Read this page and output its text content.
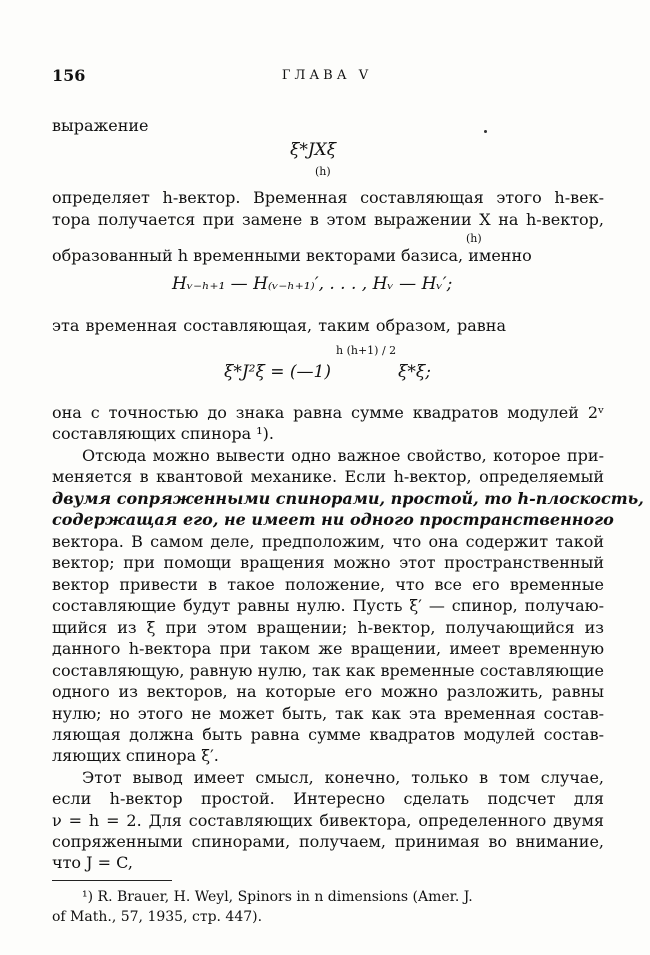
156	ГЛАВА V
выражение
ξ*JXξ
(h)
определяет h-вектор. Временная составляющая этого h-век-
тора получается при замене в этом выражении X на h-вектор,
(h)
образованный h временными векторами базиса, именно
Hᵥ₋ₕ₊₁ — H₍ᵥ₋ₕ₊₁₎′, . . . , Hᵥ — Hᵥ′;
эта временная составляющая, таким образом, равна
ξ*J²ξ = (—1)
h (h+1) / 2
ξ*ξ;
она с точностью до знака равна сумме квадратов модулей 2ᵛ
составляющих спинора ¹).
Отсюда можно вывести одно важное свойство, которое при-
меняется в квантовой механике. Если h-вектор, определяемый
двумя сопряженными спинорами, простой, то h-плоскость,
содержащая его, не имеет ни одного пространственного
вектора. В самом деле, предположим, что она содержит такой
вектор; при помощи вращения можно этот пространственный
вектор привести в такое положение, что все его временные
составляющие будут равны нулю. Пусть ξ′ — спинор, получаю-
щийся из ξ при этом вращении; h-вектор, получающийся из
данного h-вектора при таком же вращении, имеет временную
составляющую, равную нулю, так как временные составляющие
одного из векторов, на которые его можно разложить, равны
нулю; но этого не может быть, так как эта временная состав-
ляющая должна быть равна сумме квадратов модулей состав-
ляющих спинора ξ′.
Этот вывод имеет смысл, конечно, только в том случае,
если h-вектор простой. Интересно сделать подсчет для
ν = h = 2. Для составляющих бивектора, определенного двумя
сопряженными спинорами, получаем, принимая во внимание,
что J = C,
¹) R. Brauer, H. Weyl, Spinors in n dimensions (Amer. J.
of Math., 57, 1935, стр. 447).
